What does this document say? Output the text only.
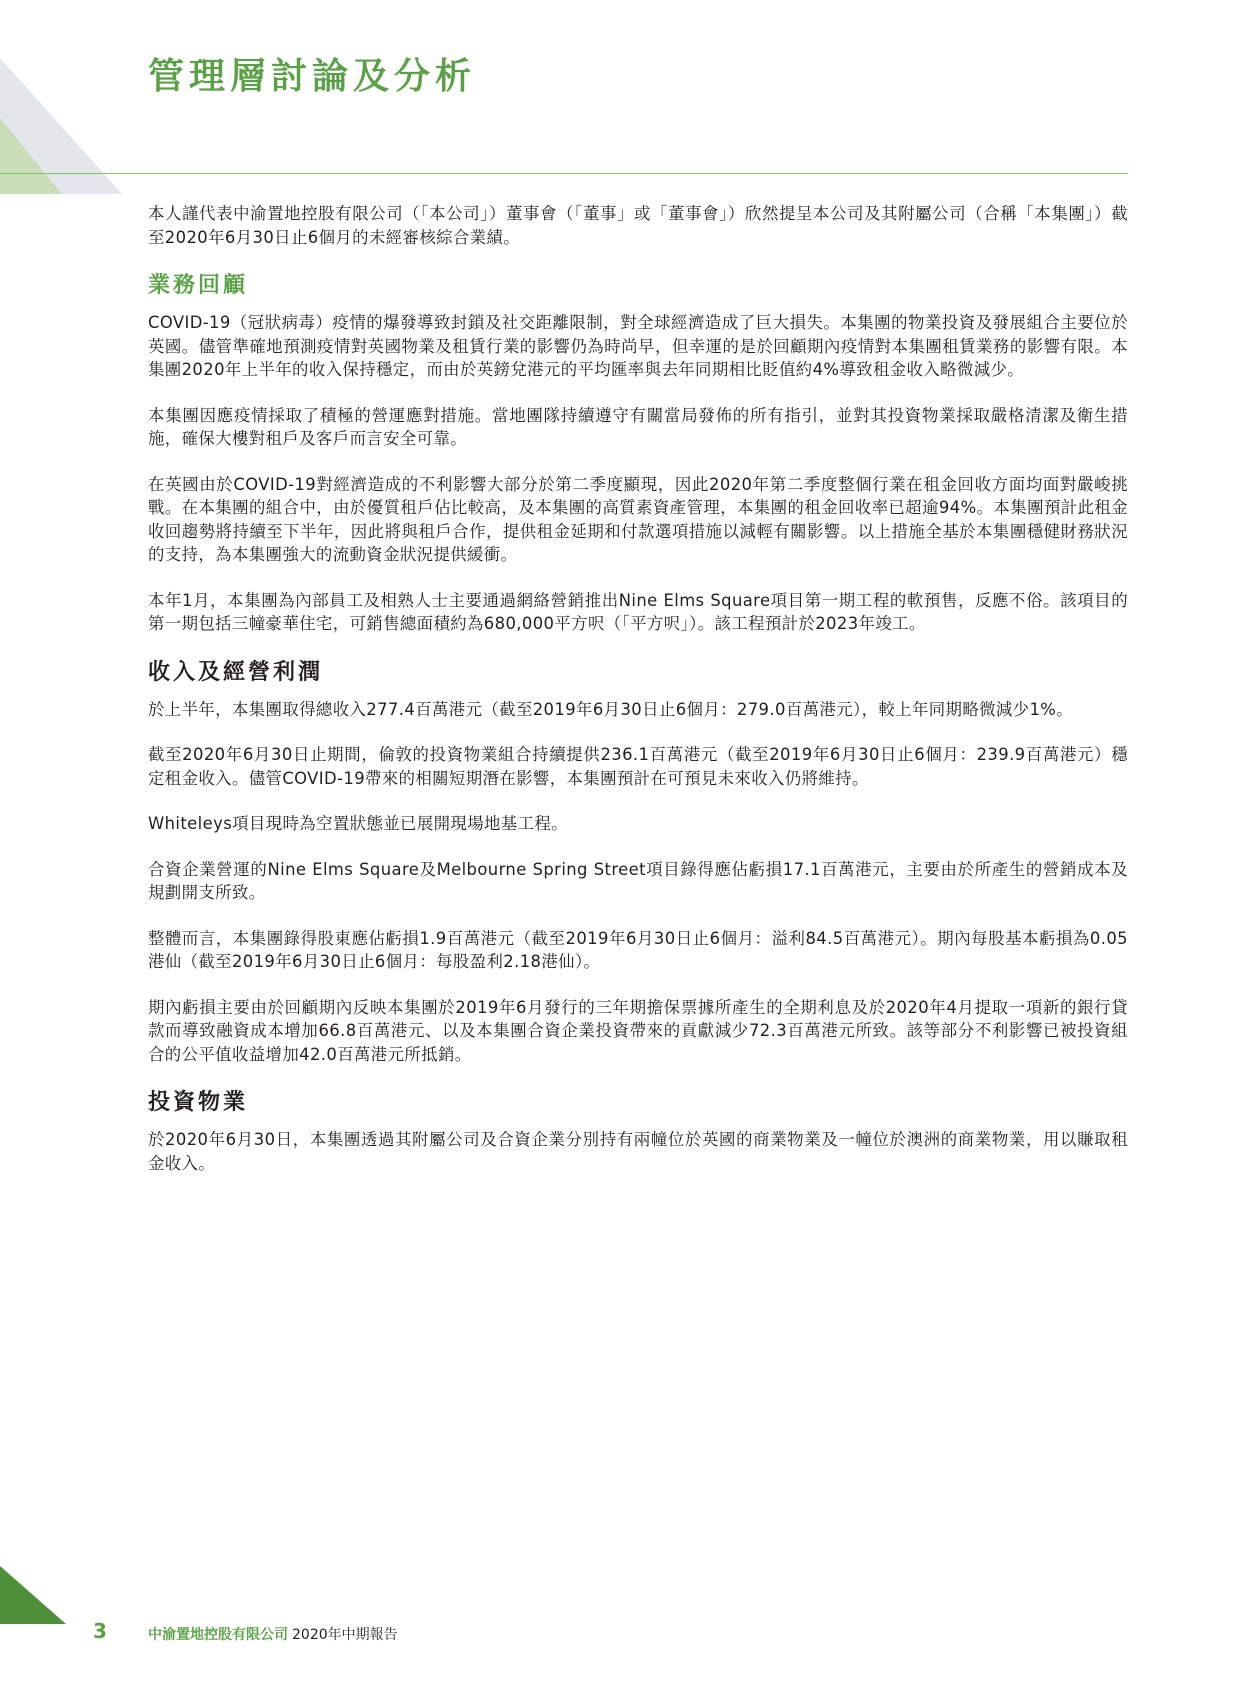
管理層討論及分析

本人謹代表中渝置地控股有限公司（「本公司」）董事會（「董事」或「董事會」）欣然提呈本公司及其附屬公司（合稱「本集團」）截至2020年6月30日止6個月的未經審核綜合業績。

業務回顧

COVID-19（冠狀病毒）疫情的爆發導致封鎖及社交距離限制，對全球經濟造成了巨大損失。本集團的物業投資及發展組合主要位於英國。儘管準確地預測疫情對英國物業及租賃行業的影響仍為時尚早，但幸運的是於回顧期內疫情對本集團租賃業務的影響有限。本集團2020年上半年的收入保持穩定，而由於英鎊兌港元的平均匯率與去年同期相比貶值約4%導致租金收入略微減少。

本集團因應疫情採取了積極的營運應對措施。當地團隊持續遵守有關當局發佈的所有指引，並對其投資物業採取嚴格清潔及衛生措施，確保大樓對租戶及客戶而言安全可靠。

在英國由於COVID-19對經濟造成的不利影響大部分於第二季度顯現，因此2020年第二季度整個行業在租金回收方面均面對嚴峻挑戰。在本集團的組合中，由於優質租戶佔比較高，及本集團的高質素資產管理，本集團的租金回收率已超逾94%。本集團預計此租金收回趨勢將持續至下半年，因此將與租戶合作，提供租金延期和付款選項措施以減輕有關影響。以上措施全基於本集團穩健財務狀況的支持，為本集團強大的流動資金狀況提供緩衝。

本年1月，本集團為內部員工及相熟人士主要通過網絡營銷推出Nine Elms Square項目第一期工程的軟預售，反應不俗。該項目的第一期包括三幢豪華住宅，可銷售總面積約為680,000平方呎（「平方呎」）。該工程預計於2023年竣工。

收入及經營利潤

於上半年，本集團取得總收入277.4百萬港元（截至2019年6月30日止6個月：279.0百萬港元），較上年同期略微減少1%。

截至2020年6月30日止期間，倫敦的投資物業組合持續提供236.1百萬港元（截至2019年6月30日止6個月：239.9百萬港元）穩定租金收入。儘管COVID-19帶來的相關短期潛在影響，本集團預計在可預見未來收入仍將維持。

Whiteleys項目現時為空置狀態並已展開現場地基工程。

合資企業營運的Nine Elms Square及Melbourne Spring Street項目錄得應佔虧損17.1百萬港元，主要由於所產生的營銷成本及規劃開支所致。

整體而言，本集團錄得股東應佔虧損1.9百萬港元（截至2019年6月30日止6個月：溢利84.5百萬港元）。期內每股基本虧損為0.05港仙（截至2019年6月30日止6個月：每股盈利2.18港仙）。

期內虧損主要由於回顧期內反映本集團於2019年6月發行的三年期擔保票據所產生的全期利息及於2020年4月提取一項新的銀行貸款而導致融資成本增加66.8百萬港元、以及本集團合資企業投資帶來的貢獻減少72.3百萬港元所致。該等部分不利影響已被投資組合的公平值收益增加42.0百萬港元所抵銷。

投資物業

於2020年6月30日，本集團透過其附屬公司及合資企業分別持有兩幢位於英國的商業物業及一幢位於澳洲的商業物業，用以賺取租金收入。

3	中渝置地控股有限公司 2020年中期報告
